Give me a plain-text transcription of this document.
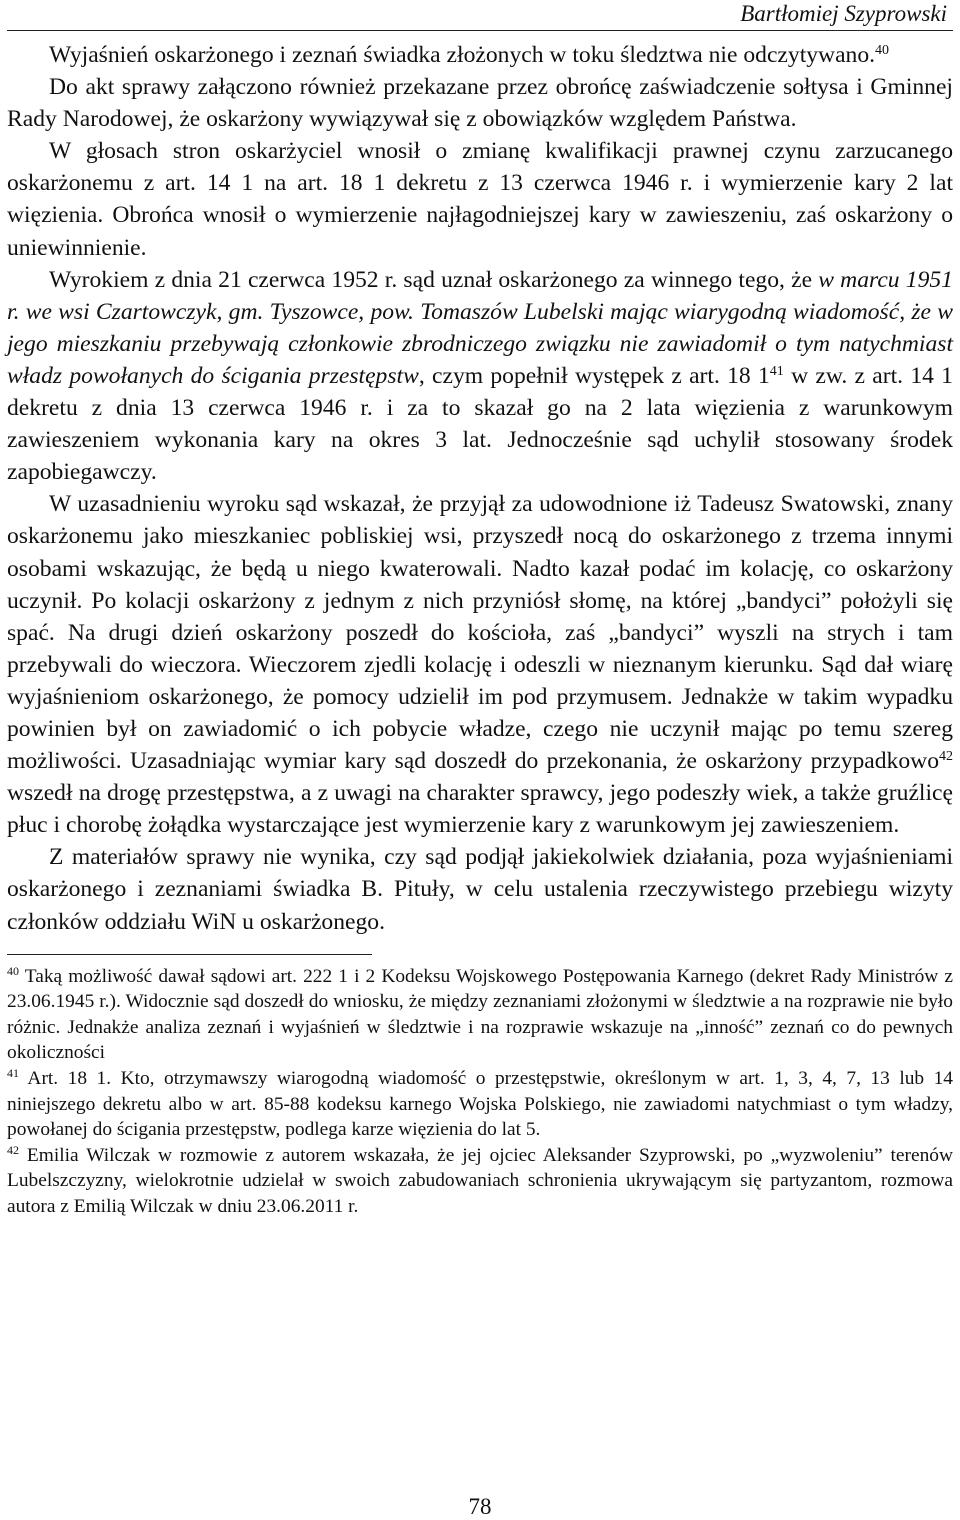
Bartłomiej Szyprowski

Wyjaśnień oskarżonego i zeznań świadka złożonych w toku śledztwa nie odczytywano.$^{40}$

Do akt sprawy załączono również przekazane przez obrońcę zaświadczenie sołtysa i Gminnej Rady Narodowej, że oskarżony wywiązywał się z obowiązków względem Państwa.

W głosach stron oskarżyciel wnosił o zmianę kwalifikacji prawnej czynu zarzucanego oskarżonemu z art. 14 1 na art. 18 1 dekretu z 13 czerwca 1946 r. i wymierzenie kary 2 lat więzienia. Obrońca wnosił o wymierzenie najłagodniejszej kary w zawieszeniu, zaś oskarżony o uniewinnienie.

Wyrokiem z dnia 21 czerwca 1952 r. sąd uznał oskarżonego za winnego tego, że w marcu 1951 r. we wsi Czartowczyk, gm. Tyszowce, pow. Tomaszów Lubelski mając wiarygodną wiadomość, że w jego mieszkaniu przebywają członkowie zbrodniczego związku nie zawiadomił o tym natychmiast władz powołanych do ścigania przestępstw, czym popełnił występek z art. 18 $1^{41}$ w zw. z art. 14 1 dekretu z dnia 13 czerwca 1946 r. i za to skazał go na 2 lata więzienia z warunkowym zawieszeniem wykonania kary na okres 3 lat. Jednocześnie sąd uchylił stosowany środek zapobiegawczy.

W uzasadnieniu wyroku sąd wskazał, że przyjął za udowodnione iż Tadeusz Swatowski, znany oskarżonemu jako mieszkaniec pobliskiej wsi, przyszedł nocą do oskarżonego z trzema innymi osobami wskazując, że będą u niego kwaterowali. Nadto kazał podać im kolację, co oskarżony uczynił. Po kolacji oskarżony z jednym z nich przyniósł słomę, na której „bandyci” położyli się spać. Na drugi dzień oskarżony poszedł do kościoła, zaś „bandyci” wyszli na strych i tam przebywali do wieczora. Wieczorem zjedli kolację i odeszli w nieznanym kierunku. Sąd dał wiarę wyjaśnieniom oskarżonego, że pomocy udzielił im pod przymusem. Jednakże w takim wypadku powinien był on zawiadomić o ich pobycie władze, czego nie uczynił mając po temu szereg możliwości. Uzasadniając wymiar kary sąd doszedł do przekonania, że oskarżony przypadkowo$^{42}$ wszedł na drogę przestępstwa, a z uwagi na charakter sprawcy, jego podeszły wiek, a także gruźlicę płuc i chorobę żołądka wystarczające jest wymierzenie kary z warunkowym jej zawieszeniem.

Z materiałów sprawy nie wynika, czy sąd podjął jakiekolwiek działania, poza wyjaśnieniami oskarżonego i zeznaniami świadka B. Pituły, w celu ustalenia rzeczywistego przebiegu wizyty członków oddziału WiN u oskarżonego.

$^{40}$ Taką możliwość dawał sądowi art. 222 1 i 2 Kodeksu Wojskowego Postępowania Karnego (dekret Rady Ministrów z 23.06.1945 r.). Widocznie sąd doszedł do wniosku, że między zeznaniami złożonymi w śledztwie a na rozprawie nie było różnic. Jednakże analiza zeznań i wyjaśnień w śledztwie i na rozprawie wskazuje na „inność” zeznań co do pewnych okoliczności

$^{41}$ Art. 18 1. Kto, otrzymawszy wiarogodną wiadomość o przestępstwie, określonym w art. 1, 3, 4, 7, 13 lub 14 niniejszego dekretu albo w art. 85-88 kodeksu karnego Wojska Polskiego, nie zawiadomi natychmiast o tym władzy, powołanej do ścigania przestępstw, podlega karze więzienia do lat 5.

$^{42}$ Emilia Wilczak w rozmowie z autorem wskazała, że jej ojciec Aleksander Szyprowski, po „wyzwoleniu” terenów Lubelszczyzny, wielokrotnie udzielał w swoich zabudowaniach schronienia ukrywającym się partyzantom, rozmowa autora z Emilią Wilczak w dniu 23.06.2011 r.

78
